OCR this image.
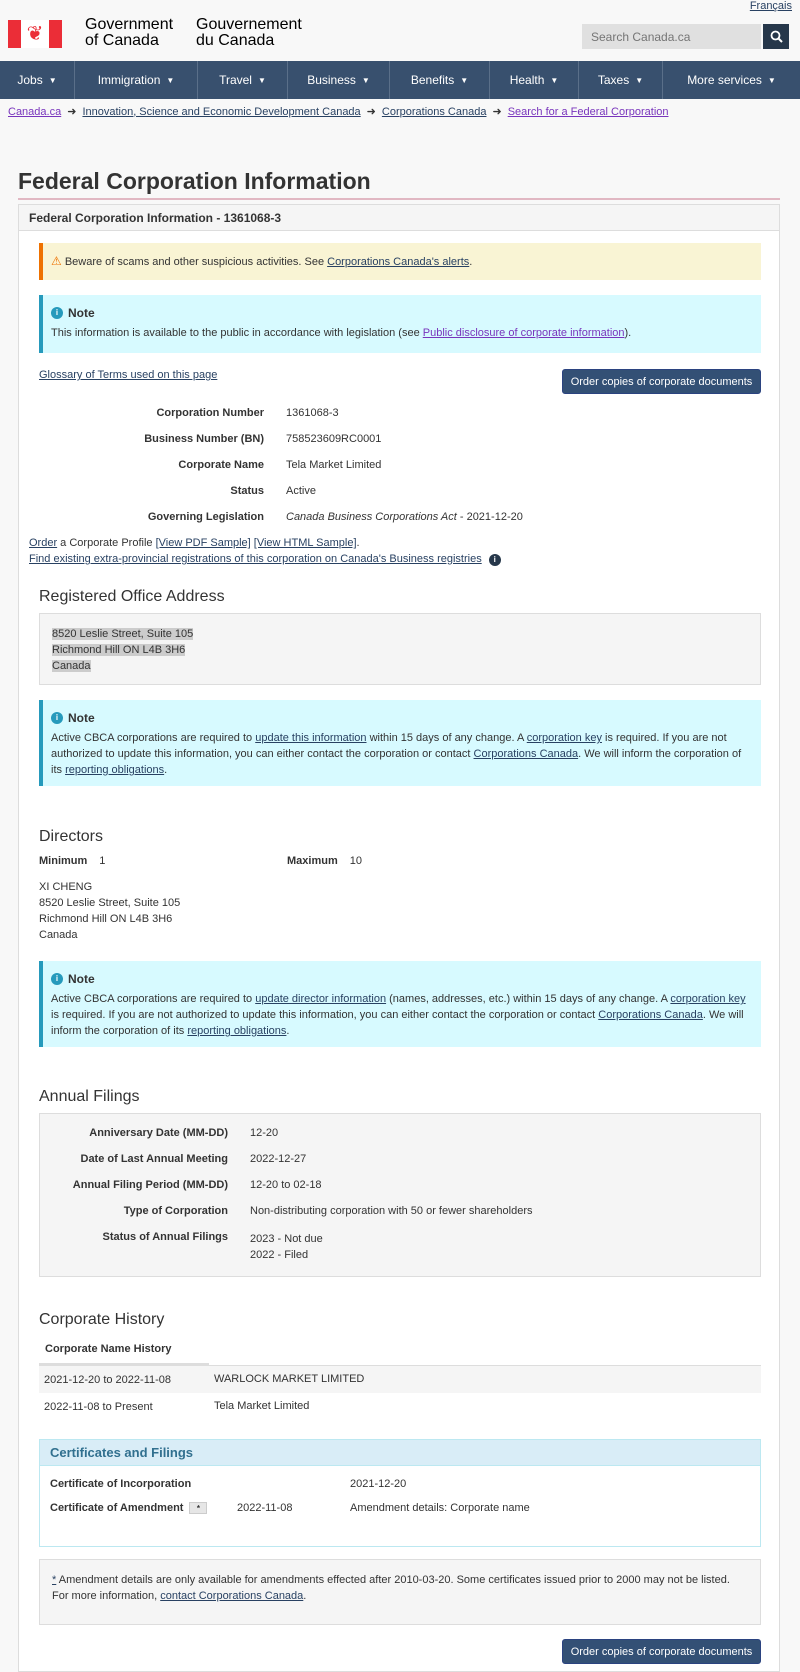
Français
❦	Government
of Canada
Gouvernement
du Canada
Search Canada.ca
Jobs ▼	Immigration ▼	Travel ▼	Business ▼	Benefits ▼	Health ▼	Taxes ▼	More services ▼
Canada.ca ➜ Innovation, Science and Economic Development Canada ➜ Corporations Canada ➜ Search for a Federal Corporation
Federal Corporation Information
Federal Corporation Information - 1361068-3
⚠ Beware of scams and other suspicious activities. See Corporations Canada's alerts.
i Note
This information is available to the public in accordance with legislation (see Public disclosure of corporate information).
Glossary of Terms used on this page
Order copies of corporate documents
Corporation Number 1361068-3
Business Number (BN) 758523609RC0001
Corporate Name Tela Market Limited
Status Active
Governing Legislation Canada Business Corporations Act - 2021-12-20
Order a Corporate Profile [View PDF Sample] [View HTML Sample].
Find existing extra-provincial registrations of this corporation on Canada's Business registries i
Registered Office Address
8520 Leslie Street, Suite 105
Richmond Hill ON L4B 3H6
Canada
i Note
Active CBCA corporations are required to update this information within 15 days of any change. A corporation key is required. If you are not authorized to update this information, you can either contact the corporation or contact Corporations Canada. We will inform the corporation of its reporting obligations.
Directors
Minimum 1	Maximum 10
XI CHENG
8520 Leslie Street, Suite 105
Richmond Hill ON L4B 3H6
Canada
i Note
Active CBCA corporations are required to update director information (names, addresses, etc.) within 15 days of any change. A corporation key is required. If you are not authorized to update this information, you can either contact the corporation or contact Corporations Canada. We will inform the corporation of its reporting obligations.
Annual Filings
Anniversary Date (MM-DD) 12-20
Date of Last Annual Meeting 2022-12-27
Annual Filing Period (MM-DD) 12-20 to 02-18
Type of Corporation Non-distributing corporation with 50 or fewer shareholders
Status of Annual Filings 2023 - Not due
2022 - Filed
Corporate History
Corporate Name History
2021-12-20 to 2022-11-08	WARLOCK MARKET LIMITED
2022-11-08 to Present	Tela Market Limited
Certificates and Filings
Certificate of Incorporation	2021-12-20
Certificate of Amendment *	2022-11-08	Amendment details: Corporate name
* Amendment details are only available for amendments effected after 2010-03-20. Some certificates issued prior to 2000 may not be listed.
For more information, contact Corporations Canada.
Order copies of corporate documents
